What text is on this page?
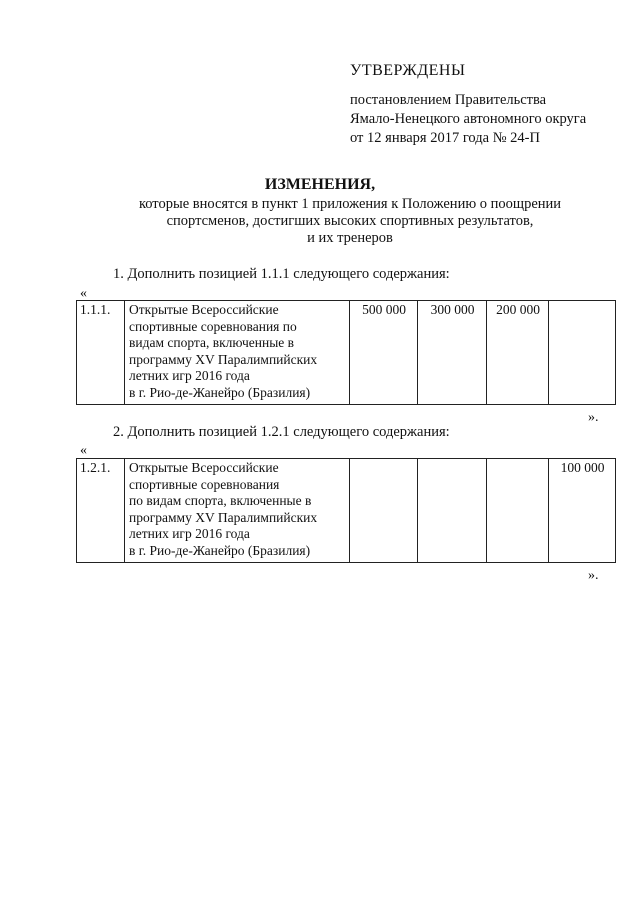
УТВЕРЖДЕНЫ
постановлением Правительства
Ямало-Ненецкого автономного округа
от 12 января 2017 года № 24-П
ИЗМЕНЕНИЯ,
которые вносятся в пункт 1 приложения к Положению о поощрении
спортсменов, достигших высоких спортивных результатов,
и их тренеров
1. Дополнить позицией 1.1.1 следующего содержания:
«
1.1.1.	Открытые Всероссийские
спортивные соревнования по
видам спорта, включенные в
программу XV Паралимпийских
летних игр 2016 года
в г. Рио-де-Жанейро (Бразилия)
	500 000	300 000	200 000	
».
2. Дополнить позицией 1.2.1 следующего содержания:
«
1.2.1.	Открытые Всероссийские
спортивные соревнования
по видам спорта, включенные в
программу XV Паралимпийских
летних игр 2016 года
в г. Рио-де-Жанейро (Бразилия)
				100 000
».
